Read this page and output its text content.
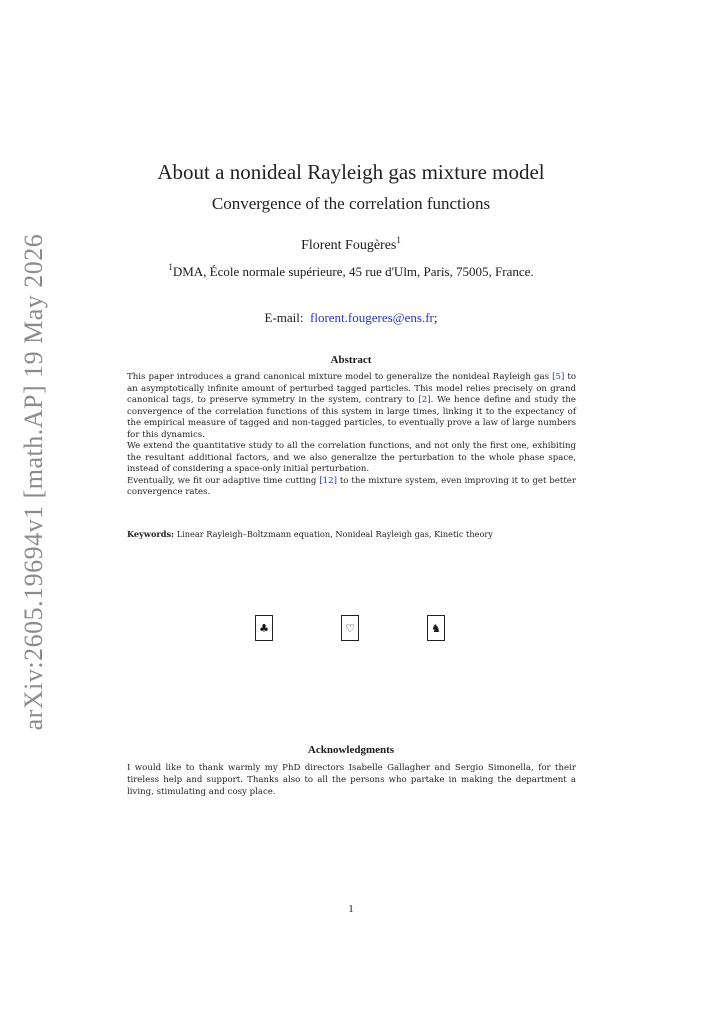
arXiv:2605.19694v1 [math.AP] 19 May 2026
About a nonideal Rayleigh gas mixture model
Convergence of the correlation functions
Florent Fougères$^1$
$^1$DMA, École normale supérieure, 45 rue d'Ulm, Paris, 75005, France.
E-mail: florent.fougeres@ens.fr;
Abstract

This paper introduces a grand canonical mixture model to generalize the nonideal Rayleigh gas [5] to an asymptotically infinite amount of perturbed tagged particles. This model relies precisely on grand canonical tags, to preserve symmetry in the system, contrary to [2]. We hence define and study the convergence of the correlation functions of this system in large times, linking it to the expectancy of the empirical measure of tagged and non-tagged particles, to eventually prove a law of large numbers for this dynamics.

We extend the quantitative study to all the correlation functions, and not only the first one, exhibiting the resultant additional factors, and we also generalize the perturbation to the whole phase space, instead of considering a space-only initial perturbation.

Eventually, we fit our adaptive time cutting [12] to the mixture system, even improving it to get better convergence rates.

Keywords: Linear Rayleigh–Boltzmann equation, Nonideal Rayleigh gas, Kinetic theory
♣	♡	♞
Acknowledgments

I would like to thank warmly my PhD directors Isabelle Gallagher and Sergio Simonella, for their tireless help and support. Thanks also to all the persons who partake in making the department a living, stimulating and cosy place.

1
